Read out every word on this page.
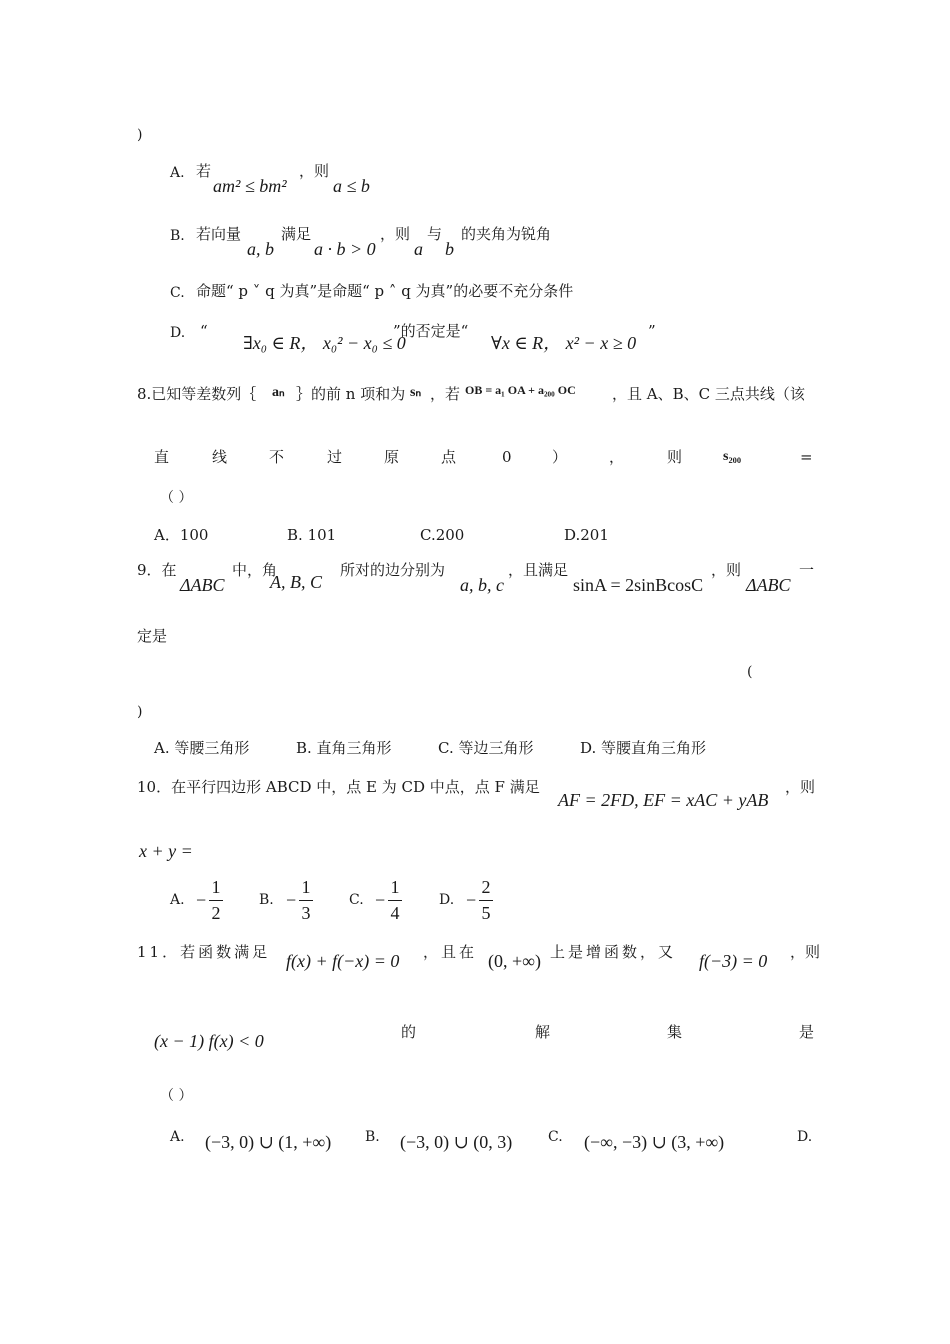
)
A. 若
am² ≤ bm²
，则
a ≤ b
B. 若向量
a, b
满足
a · b > 0
，则
a
与
b
的夹角为锐角
C. 命题“ p ˅ q 为真”是命题“ p ˄ q 为真”的必要不充分条件
D. “
∃x₀ ∈ R， x₀² − x₀ ≤ 0
”的否定是“
∀x ∈ R， x² − x ≥ 0
”
8.已知等差数列｛ aₙ ｝的前 n 项和为 sₙ ，若 OB = a₁ OA + a₂₀₀ OC ，且 A、B、C 三点共线（该
直	线	不	过	原	点	0	）	，	则	s₂₀₀	=
（ ）
A．100	B. 101	C.200	D.201
9．在
ΔABC
中，角
A, B, C
所对的边分别为
a, b, c
，且满足
sinA = 2sinBcosC
，则
ΔABC
一
定是
(
)
A. 等腰三角形	B. 直角三角形	C. 等边三角形	D. 等腰直角三角形
10．在平行四边形 ABCD 中，点 E 为 CD 中点，点 F 满足
AF = 2FD, EF = xAC + yAB
，则
x + y =
A. −
1
2
B. −
1
3
C. −
1
4
D. −
2
5
11．若函数满足 f(x) + f(−x) = 0 ，且在 (0, +∞) 上是增函数，又 f(−3) = 0 ，则
(x − 1) f(x) < 0	的	解	集	是
（ ）
A. (−3, 0) ∪ (1, +∞) B. (−3, 0) ∪ (0, 3)	C. (−∞, −3) ∪ (3, +∞)	D.
